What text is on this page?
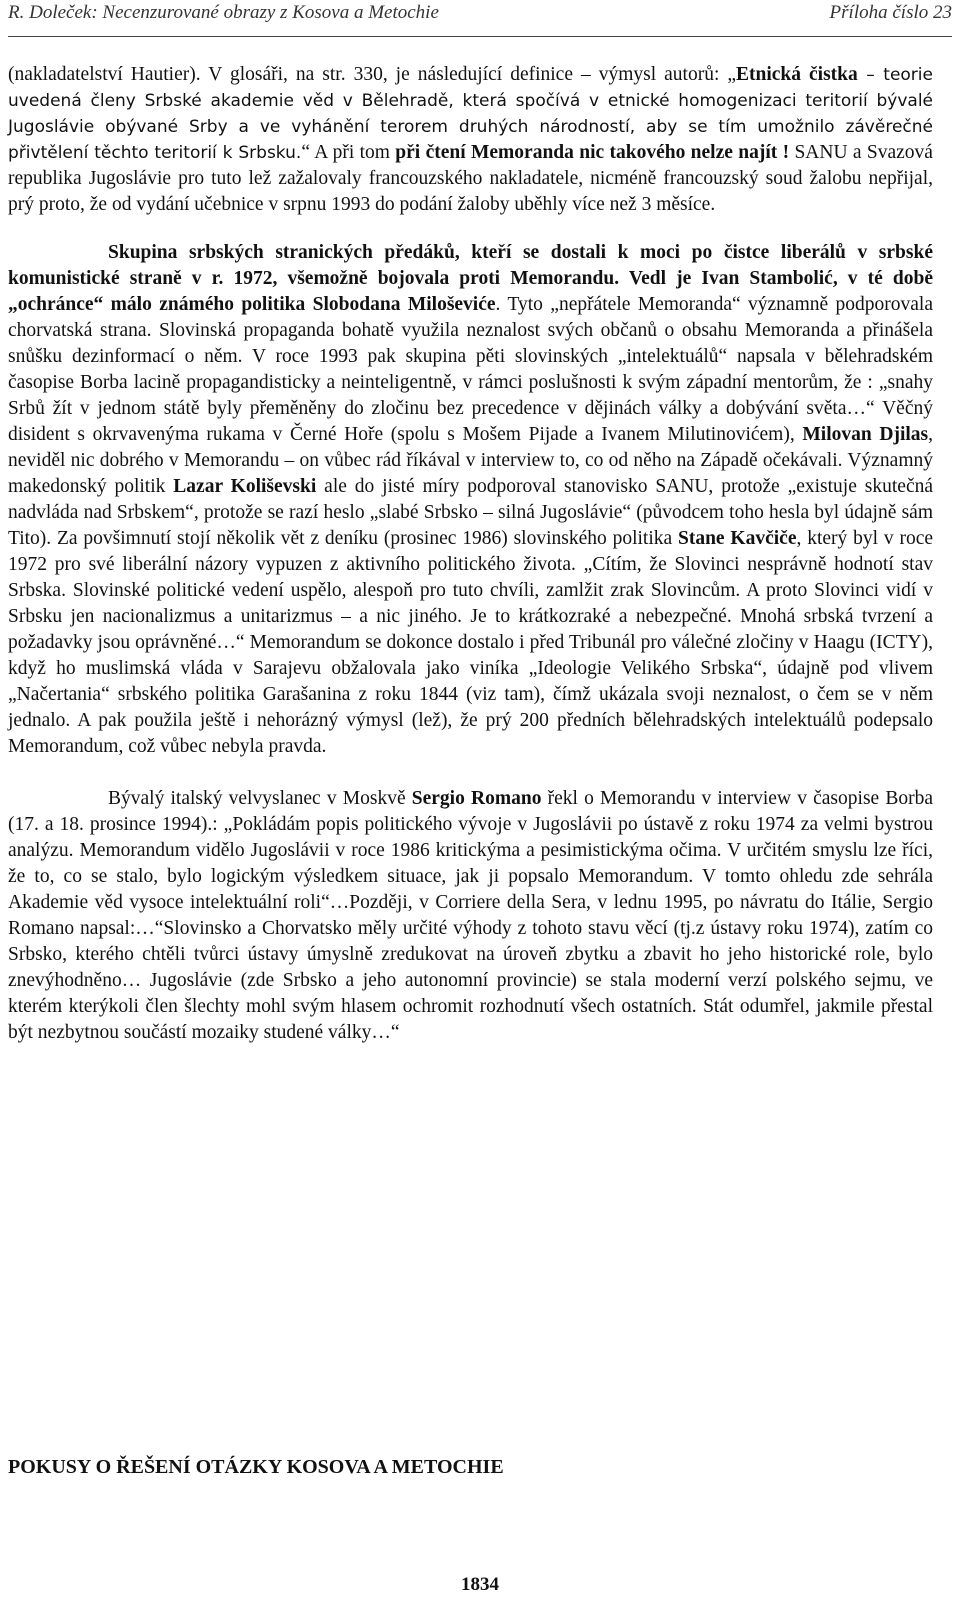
R. Doleček: Necenzurované obrazy z Kosova a Metochie	Příloha číslo 23

(nakladatelství Hautier). V glosáři, na str. 330, je následující definice – výmysl autorů: „Etnická čistka – teorie uvedená členy Srbské akademie věd v Bělehradě, která spočívá v etnické homogenizaci teritorií bývalé Jugoslávie obývané Srby a ve vyhánění terorem druhých národností, aby se tím umožnilo závěrečné přivtělení těchto teritorií k Srbsku.“ A při tom při čtení Memoranda nic takového nelze najít ! SANU a Svazová republika Jugoslávie pro tuto lež zažalovaly francouzského nakladatele, nicméně francouzský soud žalobu nepřijal, prý proto, že od vydání učebnice v srpnu 1993 do podání žaloby uběhly více než 3 měsíce.

Skupina srbských stranických předáků, kteří se dostali k moci po čistce liberálů v srbské komunistické straně v r. 1972, všemožně bojovala proti Memorandu. Vedl je Ivan Stambolić, v té době „ochránce“ málo známého politika Slobodana Miloševiće. Tyto „nepřátele Memoranda“ významně podporovala chorvatská strana. Slovinská propaganda bohatě využila neznalost svých občanů o obsahu Memoranda a přinášela snůšku dezinformací o něm. V roce 1993 pak skupina pěti slovinských „intelektuálů“ napsala v bělehradském časopise Borba lacině propagandisticky a neinteligentně, v rámci poslušnosti k svým západní mentorům, že : „snahy Srbů žít v jednom státě byly přeměněny do zločinu bez precedence v dějinách války a dobývání světa…“ Věčný disident s okrvavenýma rukama v Černé Hoře (spolu s Mošem Pijade a Ivanem Milutinovićem), Milovan Djilas, neviděl nic dobrého v Memorandu – on vůbec rád říkával v interview to, co od něho na Západě očekávali. Významný makedonský politik Lazar Koliševski ale do jisté míry podporoval stanovisko SANU, protože „existuje skutečná nadvláda nad Srbskem“, protože se razí heslo „slabé Srbsko – silná Jugoslávie“ (původcem toho hesla byl údajně sám Tito). Za povšimnutí stojí několik vět z deníku (prosinec 1986) slovinského politika Stane Kavčiče, který byl v roce 1972 pro své liberální názory vypuzen z aktivního politického života. „Cítím, že Slovinci nesprávně hodnotí stav Srbska. Slovinské politické vedení uspělo, alespoň pro tuto chvíli, zamlžit zrak Slovincům. A proto Slovinci vidí v Srbsku jen nacionalizmus a unitarizmus – a nic jiného. Je to krátkozraké a nebezpečné. Mnohá srbská tvrzení a požadavky jsou oprávněné…“ Memorandum se dokonce dostalo i před Tribunál pro válečné zločiny v Haagu (ICTY), když ho muslimská vláda v Sarajevu obžalovala jako viníka „Ideologie Velikého Srbska“, údajně pod vlivem „Načertania“ srbského politika Garašanina z roku 1844 (viz tam), čímž ukázala svoji neznalost, o čem se v něm jednalo. A pak použila ještě i nehorázný výmysl (lež), že prý 200 předních bělehradských intelektuálů podepsalo Memorandum, což vůbec nebyla pravda.

Bývalý italský velvyslanec v Moskvě Sergio Romano řekl o Memorandu v interview v časopise Borba (17. a 18. prosince 1994).: „Pokládám popis politického vývoje v Jugoslávii po ústavě z roku 1974 za velmi bystrou analýzu. Memorandum vidělo Jugoslávii v roce 1986 kritickýma a pesimistickýma očima. V určitém smyslu lze říci, že to, co se stalo, bylo logickým výsledkem situace, jak ji popsalo Memorandum. V tomto ohledu zde sehrála Akademie věd vysoce intelektuální roli“…Později, v Corriere della Sera, v lednu 1995, po návratu do Itálie, Sergio Romano napsal:…“Slovinsko a Chorvatsko měly určité výhody z tohoto stavu věcí (tj.z ústavy roku 1974), zatím co Srbsko, kterého chtěli tvůrci ústavy úmyslně zredukovat na úroveň zbytku a zbavit ho jeho historické role, bylo znevýhodněno… Jugoslávie (zde Srbsko a jeho autonomní provincie) se stala moderní verzí polského sejmu, ve kterém kterýkoli člen šlechty mohl svým hlasem ochromit rozhodnutí všech ostatních. Stát odumřel, jakmile přestal být nezbytnou součástí mozaiky studené války…“

POKUSY O ŘEŠENÍ OTÁZKY KOSOVA A METOCHIE
1834
